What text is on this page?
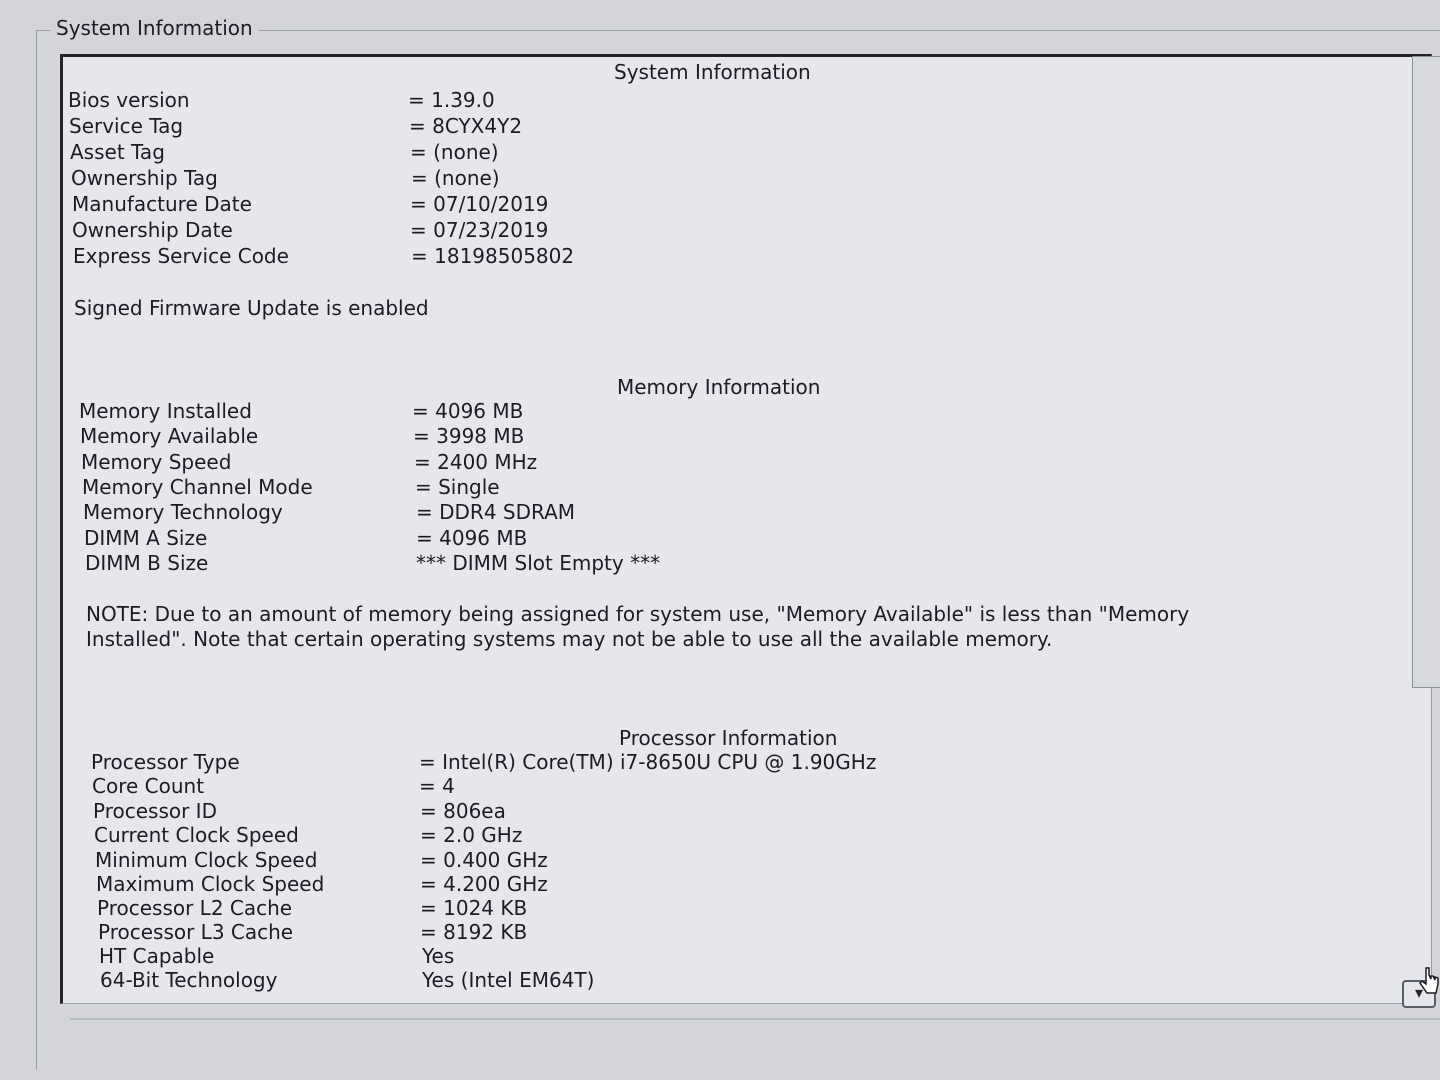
System Information
System Information
Bios version	= 1.39.0
Service Tag	= 8CYX4Y2
Asset Tag	= (none)
Ownership Tag	= (none)
Manufacture Date	= 07/10/2019
Ownership Date	= 07/23/2019
Express Service Code	= 18198505802
Signed Firmware Update is enabled
Memory Information
Memory Installed	= 4096 MB
Memory Available	= 3998 MB
Memory Speed	= 2400 MHz
Memory Channel Mode	= Single
Memory Technology	= DDR4 SDRAM
DIMM A Size	= 4096 MB
DIMM B Size	*** DIMM Slot Empty ***
NOTE: Due to an amount of memory being assigned for system use, "Memory Available" is less than "Memory Installed". Note that certain operating systems may not be able to use all the available memory.
Processor Information
Processor Type	= Intel(R) Core(TM) i7-8650U CPU @ 1.90GHz
Core Count	= 4
Processor ID	= 806ea
Current Clock Speed	= 2.0 GHz
Minimum Clock Speed	= 0.400 GHz
Maximum Clock Speed	= 4.200 GHz
Processor L2 Cache	= 1024 KB
Processor L3 Cache	= 8192 KB
HT Capable	Yes
64-Bit Technology	Yes (Intel EM64T)
▾
